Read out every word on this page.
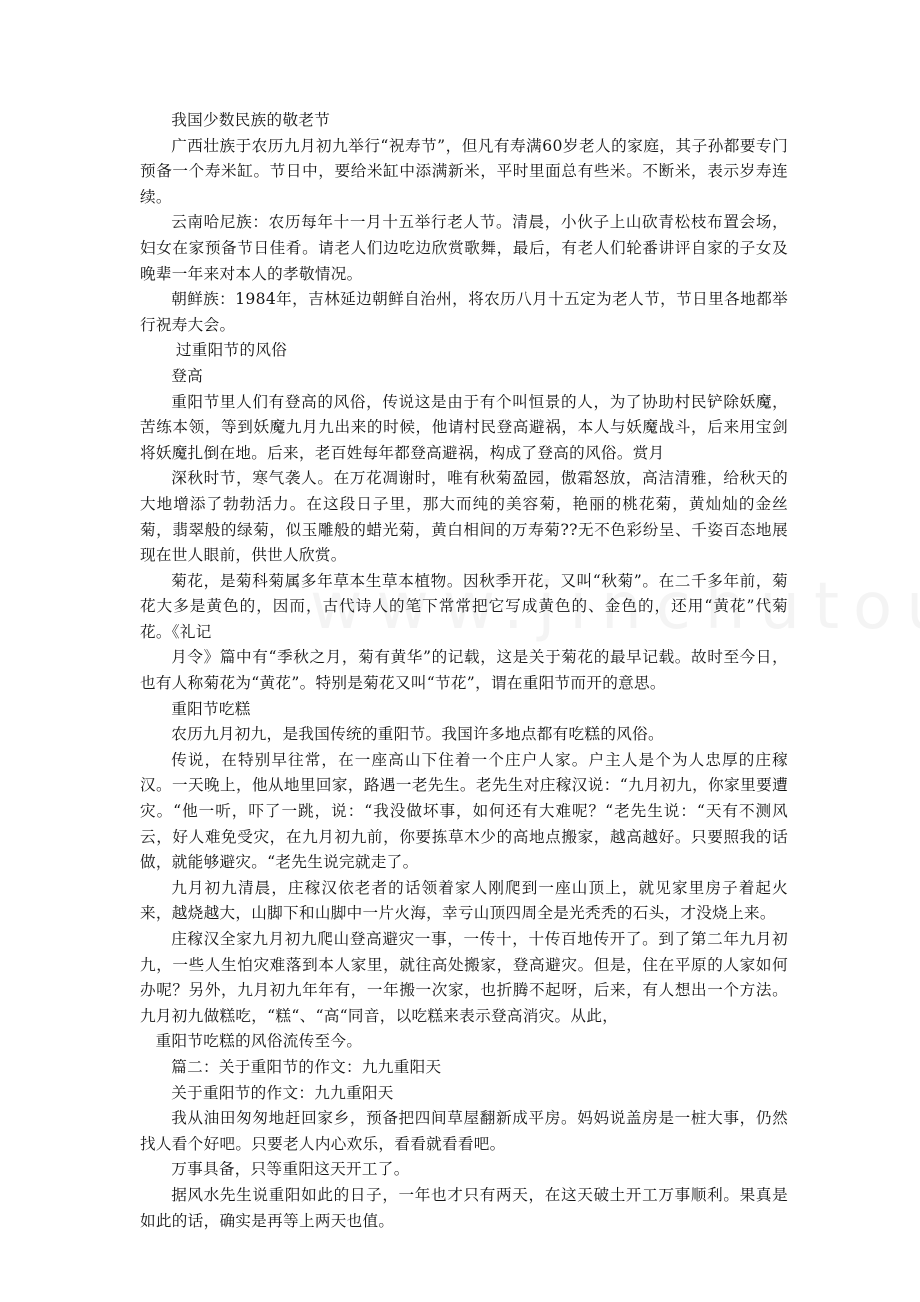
我国少数民族的敬老节

广西壮族于农历九月初九举行“祝寿节”，但凡有寿满60岁老人的家庭，其子孙都要专门预备一个寿米缸。节日中，要给米缸中添满新米，平时里面总有些米。不断米，表示岁寿连续。

云南哈尼族：农历每年十一月十五举行老人节。清晨，小伙子上山砍青松枝布置会场，妇女在家预备节日佳肴。请老人们边吃边欣赏歌舞，最后，有老人们轮番讲评自家的子女及晚辈一年来对本人的孝敬情况。

朝鲜族：1984年，吉林延边朝鲜自治州，将农历八月十五定为老人节，节日里各地都举行祝寿大会。

过重阳节的风俗

登高

重阳节里人们有登高的风俗，传说这是由于有个叫恒景的人，为了协助村民铲除妖魔，苦练本领，等到妖魔九月九出来的时候，他请村民登高避祸，本人与妖魔战斗，后来用宝剑将妖魔扎倒在地。后来，老百姓每年都登高避祸，构成了登高的风俗。赏月

深秋时节，寒气袭人。在万花凋谢时，唯有秋菊盈园，傲霜怒放，高洁清雅，给秋天的大地增添了勃勃活力。在这段日子里，那大而纯的美容菊，艳丽的桃花菊，黄灿灿的金丝菊，翡翠般的绿菊，似玉雕般的蜡光菊，黄白相间的万寿菊??无不色彩纷呈、千姿百态地展现在世人眼前，供世人欣赏。

菊花，是菊科菊属多年草本生草本植物。因秋季开花，又叫“秋菊”。在二千多年前，菊花大多是黄色的，因而，古代诗人的笔下常常把它写成黄色的、金色的，还用“黄花”代菊花。《礼记

月令》篇中有“季秋之月，菊有黄华”的记载，这是关于菊花的最早记载。故时至今日，也有人称菊花为“黄花”。特别是菊花又叫“节花”，谓在重阳节而开的意思。

重阳节吃糕

农历九月初九，是我国传统的重阳节。我国许多地点都有吃糕的风俗。

传说，在特别早往常，在一座高山下住着一个庄户人家。户主人是个为人忠厚的庄稼汉。一天晚上，他从地里回家，路遇一老先生。老先生对庄稼汉说：“九月初九，你家里要遭灾。“他一听，吓了一跳，说：“我没做坏事，如何还有大难呢？“老先生说：“天有不测风云，好人难免受灾，在九月初九前，你要拣草木少的高地点搬家，越高越好。只要照我的话做，就能够避灾。“老先生说完就走了。

九月初九清晨，庄稼汉依老者的话领着家人刚爬到一座山顶上，就见家里房子着起火来，越烧越大，山脚下和山脚中一片火海，幸亏山顶四周全是光秃秃的石头，才没烧上来。

庄稼汉全家九月初九爬山登高避灾一事，一传十，十传百地传开了。到了第二年九月初九，一些人生怕灾难落到本人家里，就往高处搬家，登高避灾。但是，住在平原的人家如何办呢？另外，九月初九年年有，一年搬一次家，也折腾不起呀，后来，有人想出一个方法。九月初九做糕吃，“糕“、“高“同音，以吃糕来表示登高消灾。从此，

重阳节吃糕的风俗流传至今。

篇二：关于重阳节的作文：九九重阳天

关于重阳节的作文：九九重阳天

我从油田匆匆地赶回家乡，预备把四间草屋翻新成平房。妈妈说盖房是一桩大事，仍然找人看个好吧。只要老人内心欢乐，看看就看看吧。

万事具备，只等重阳这天开工了。

据风水先生说重阳如此的日子，一年也才只有两天，在这天破土开工万事顺利。果真是如此的话，确实是再等上两天也值。
